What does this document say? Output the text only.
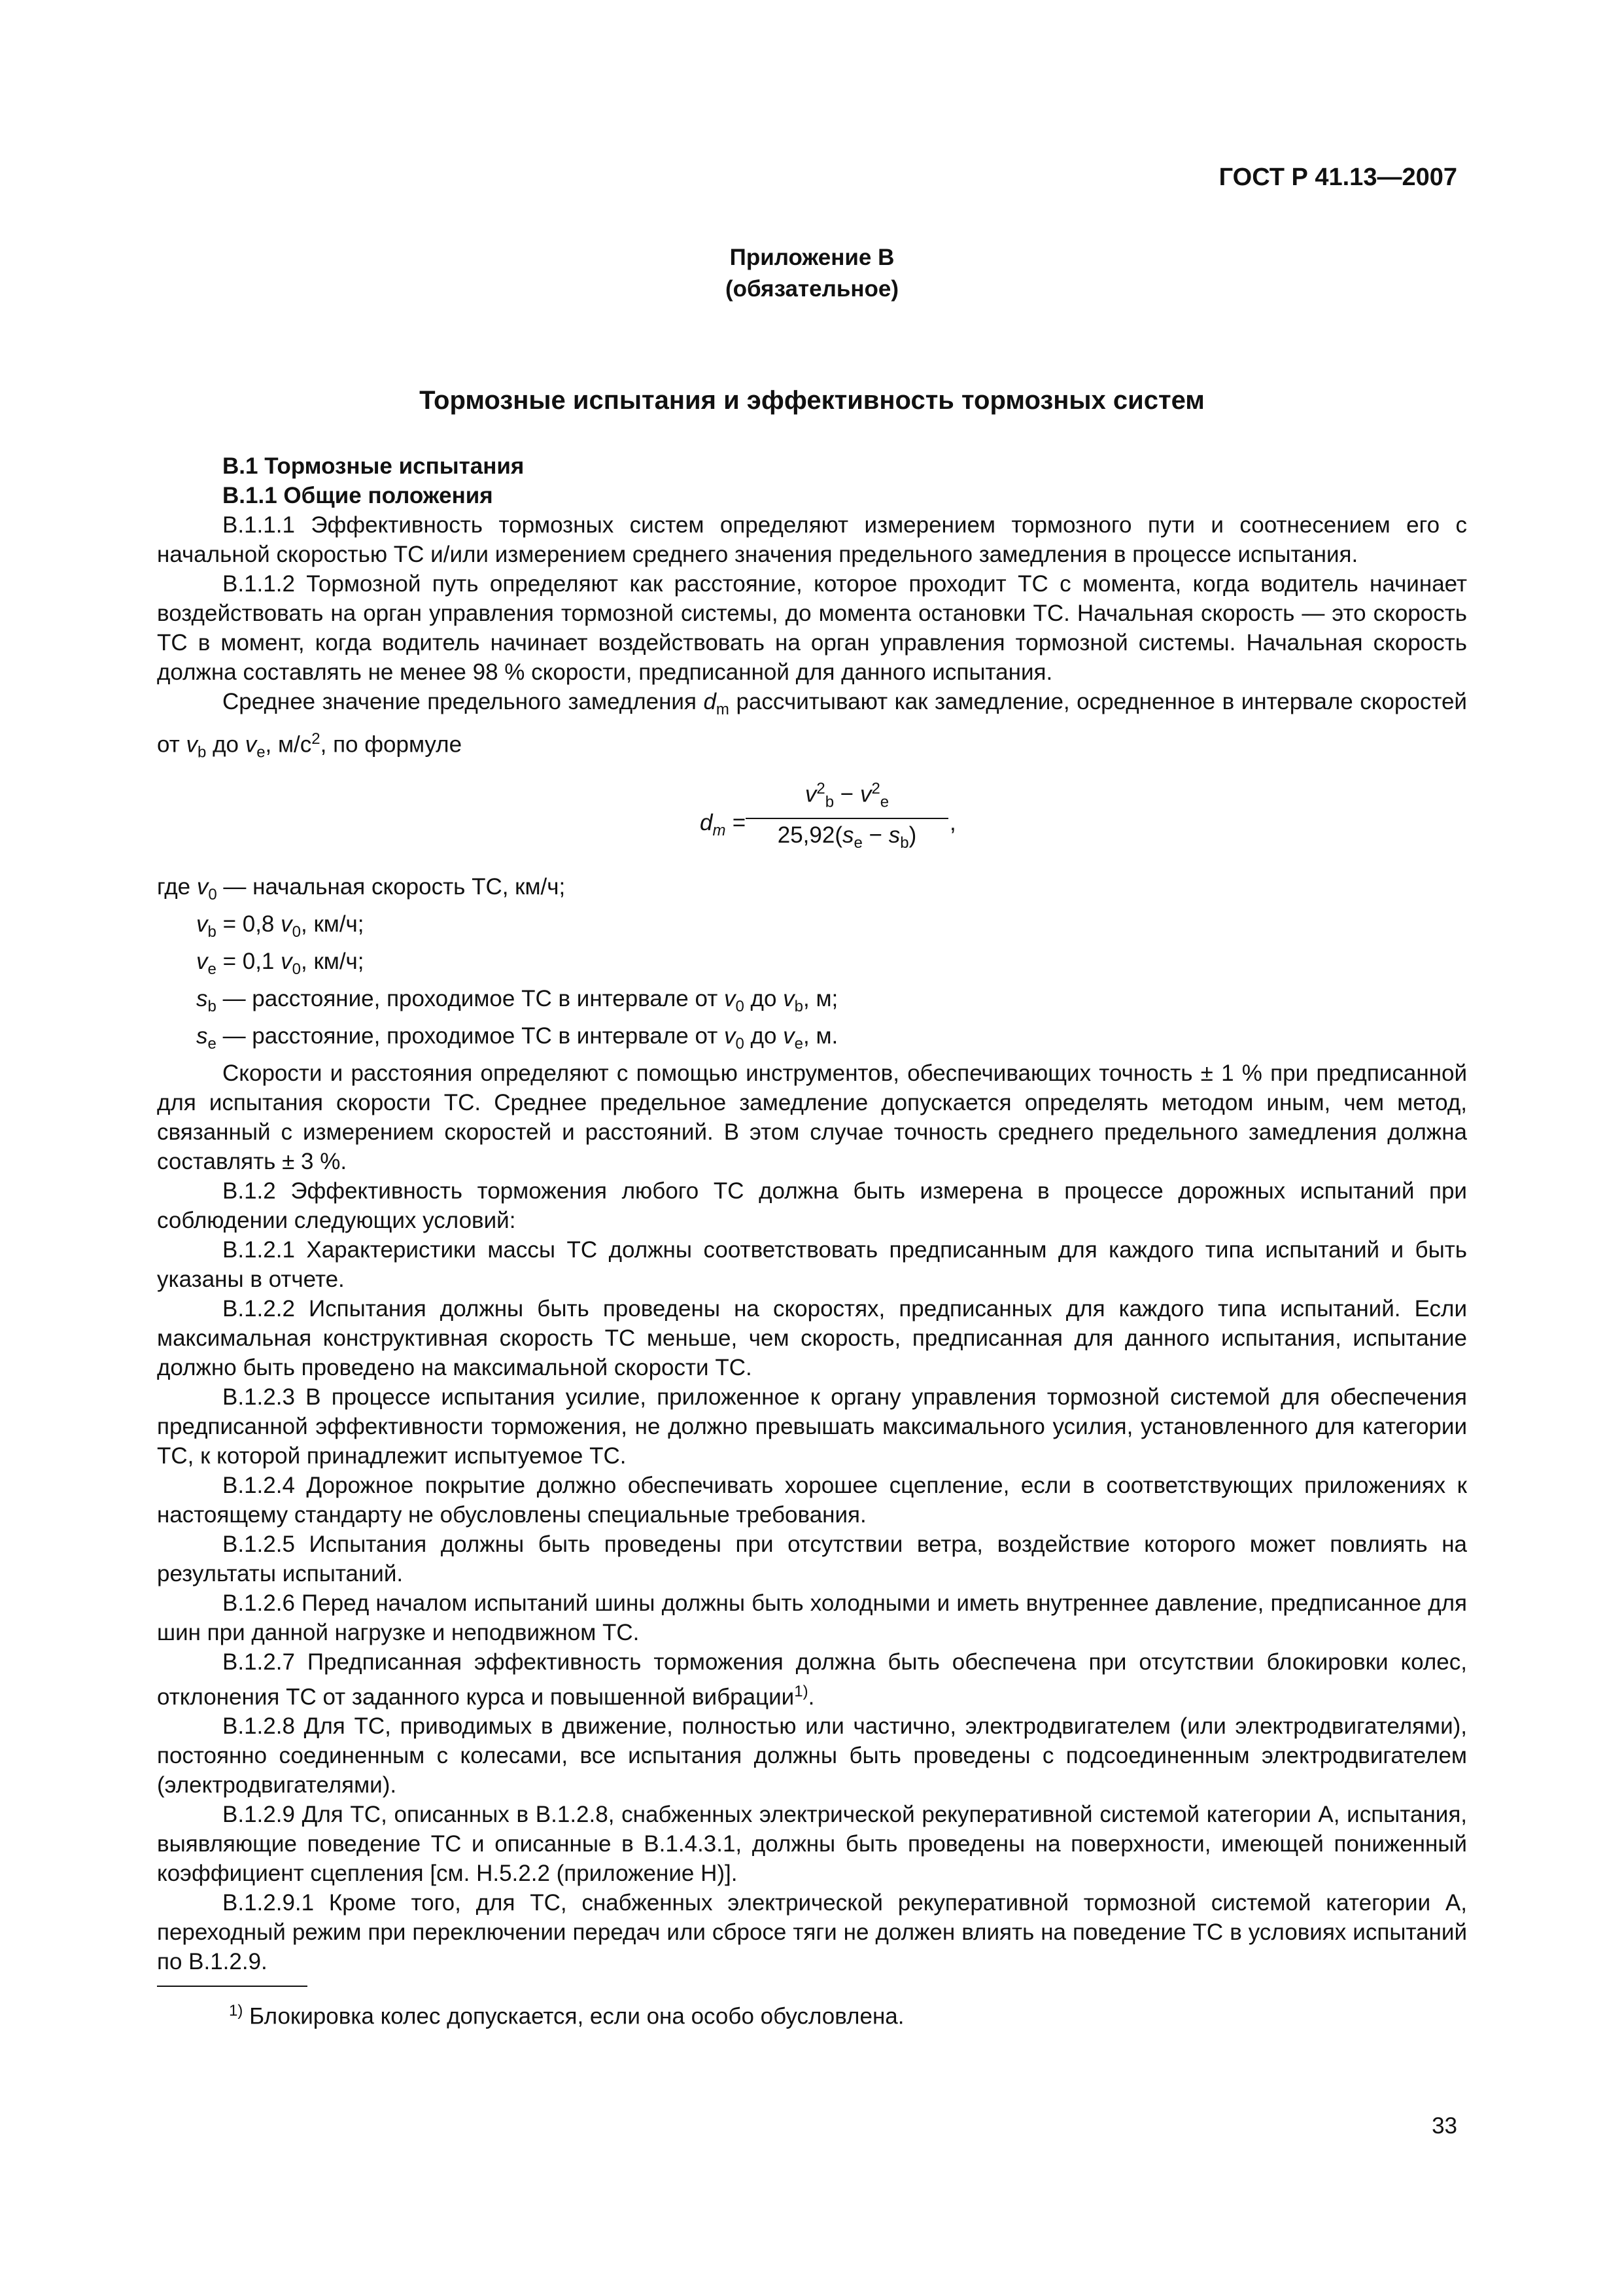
ГОСТ Р 41.13—2007
Приложение В
(обязательное)
Тормозные испытания и эффективность тормозных систем

В.1 Тормозные испытания

В.1.1 Общие положения

В.1.1.1 Эффективность тормозных систем определяют измерением тормозного пути и соотнесением его с начальной скоростью ТС и/или измерением среднего значения предельного замедления в процессе испытания.

В.1.1.2 Тормозной путь определяют как расстояние, которое проходит ТС с момента, когда водитель начинает воздействовать на орган управления тормозной системы, до момента остановки ТС. Начальная скорость — это скорость ТС в момент, когда водитель начинает воздействовать на орган управления тормозной системы. Начальная скорость должна составлять не менее 98 % скорости, предписанной для данного испытания.

Среднее значение предельного замедления $d_m$ рассчитывают как замедление, осредненное в интервале скоростей от $v_b$ до $v_e$, $м/с^2$, по формуле

$d_m = \frac{v^2_b - v^2_e}{25,92(s_e - s_b)}$ ,

где $v_0$ — начальная скорость ТС, км/ч;

$v_b = 0,8$ $v_0$, км/ч;

$v_e = 0,1$ $v_0$, км/ч;

$s_b$ — расстояние, проходимое ТС в интервале от $v_0$ до $v_b$, м;

$s_e$ — расстояние, проходимое ТС в интервале от $v_0$ до $v_e$, м.

Скорости и расстояния определяют с помощью инструментов, обеспечивающих точность ± 1 % при предписанной для испытания скорости ТС. Среднее предельное замедление допускается определять методом иным, чем метод, связанный с измерением скоростей и расстояний. В этом случае точность среднего предельного замедления должна составлять ± 3 %.

В.1.2 Эффективность торможения любого ТС должна быть измерена в процессе дорожных испытаний при соблюдении следующих условий:

В.1.2.1 Характеристики массы ТС должны соответствовать предписанным для каждого типа испытаний и быть указаны в отчете.

В.1.2.2 Испытания должны быть проведены на скоростях, предписанных для каждого типа испытаний. Если максимальная конструктивная скорость ТС меньше, чем скорость, предписанная для данного испытания, испытание должно быть проведено на максимальной скорости ТС.

В.1.2.3 В процессе испытания усилие, приложенное к органу управления тормозной системой для обеспечения предписанной эффективности торможения, не должно превышать максимального усилия, установленного для категории ТС, к которой принадлежит испытуемое ТС.

В.1.2.4 Дорожное покрытие должно обеспечивать хорошее сцепление, если в соответствующих приложениях к настоящему стандарту не обусловлены специальные требования.

В.1.2.5 Испытания должны быть проведены при отсутствии ветра, воздействие которого может повлиять на результаты испытаний.

В.1.2.6 Перед началом испытаний шины должны быть холодными и иметь внутреннее давление, предписанное для шин при данной нагрузке и неподвижном ТС.

В.1.2.7 Предписанная эффективность торможения должна быть обеспечена при отсутствии блокировки колес, отклонения ТС от заданного курса и повышенной вибрации$^{1)}$.

В.1.2.8 Для ТС, приводимых в движение, полностью или частично, электродвигателем (или электродвигателями), постоянно соединенным с колесами, все испытания должны быть проведены с подсоединенным электродвигателем (электродвигателями).

В.1.2.9 Для ТС, описанных в В.1.2.8, снабженных электрической рекуперативной системой категории А, испытания, выявляющие поведение ТС и описанные в В.1.4.3.1, должны быть проведены на поверхности, имеющей пониженный коэффициент сцепления [см. Н.5.2.2 (приложение Н)].

В.1.2.9.1 Кроме того, для ТС, снабженных электрической рекуперативной тормозной системой категории А, переходный режим при переключении передач или сбросе тяги не должен влиять на поведение ТС в условиях испытаний по В.1.2.9.

$^{1)}$ Блокировка колес допускается, если она особо обусловлена.
33
